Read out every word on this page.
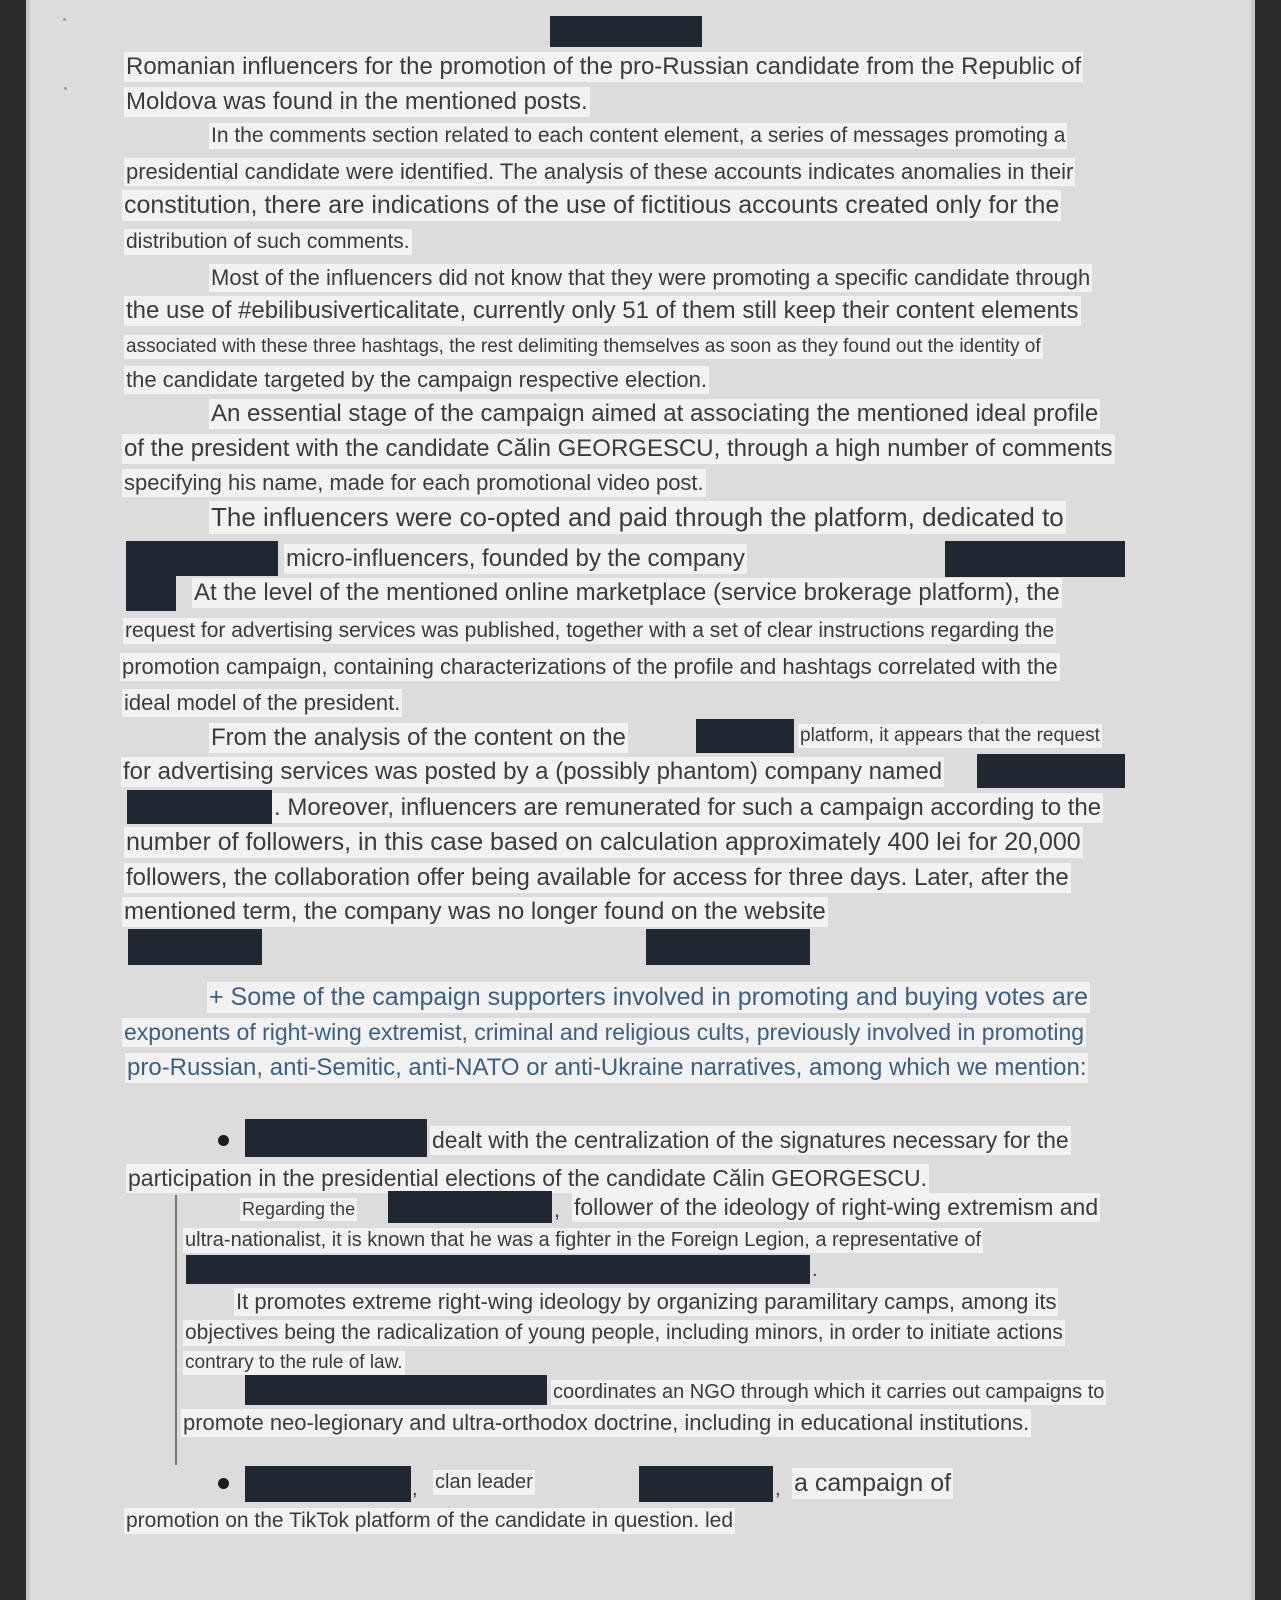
Romanian influencers for the promotion of the pro-Russian candidate from the Republic of
Moldova was found in the mentioned posts.
In the comments section related to each content element, a series of messages promoting a
presidential candidate were identified. The analysis of these accounts indicates anomalies in their
constitution, there are indications of the use of fictitious accounts created only for the
distribution of such comments.
Most of the influencers did not know that they were promoting a specific candidate through
the use of #ebilibusiverticalitate, currently only 51 of them still keep their content elements
associated with these three hashtags, the rest delimiting themselves as soon as they found out the identity of
the candidate targeted by the campaign respective election.
An essential stage of the campaign aimed at associating the mentioned ideal profile
of the president with the candidate Călin GEORGESCU, through a high number of comments
specifying his name, made for each promotional video post.
The influencers were co-opted and paid through the platform, dedicated to
micro-influencers, founded by the company
At the level of the mentioned online marketplace (service brokerage platform), the
request for advertising services was published, together with a set of clear instructions regarding the
promotion campaign, containing characterizations of the profile and hashtags correlated with the
ideal model of the president.
From the analysis of the content on the	platform, it appears that the request
for advertising services was posted by a (possibly phantom) company named
. Moreover, influencers are remunerated for such a campaign according to the
number of followers, in this case based on calculation approximately 400 lei for 20,000
followers, the collaboration offer being available for access for three days. Later, after the
mentioned term, the company was no longer found on the website
+ Some of the campaign supporters involved in promoting and buying votes are
exponents of right-wing extremist, criminal and religious cults, previously involved in promoting
pro-Russian, anti-Semitic, anti-NATO or anti-Ukraine narratives, among which we mention:
dealt with the centralization of the signatures necessary for the
participation in the presidential elections of the candidate Călin GEORGESCU.
Regarding the	, follower of the ideology of right-wing extremism and
ultra-nationalist, it is known that he was a fighter in the Foreign Legion, a representative of
.
It promotes extreme right-wing ideology by organizing paramilitary camps, among its
objectives being the radicalization of young people, including minors, in order to initiate actions
contrary to the rule of law.
coordinates an NGO through which it carries out campaigns to
promote neo-legionary and ultra-orthodox doctrine, including in educational institutions.
, clan leader	, a campaign of
promotion on the TikTok platform of the candidate in question. led
